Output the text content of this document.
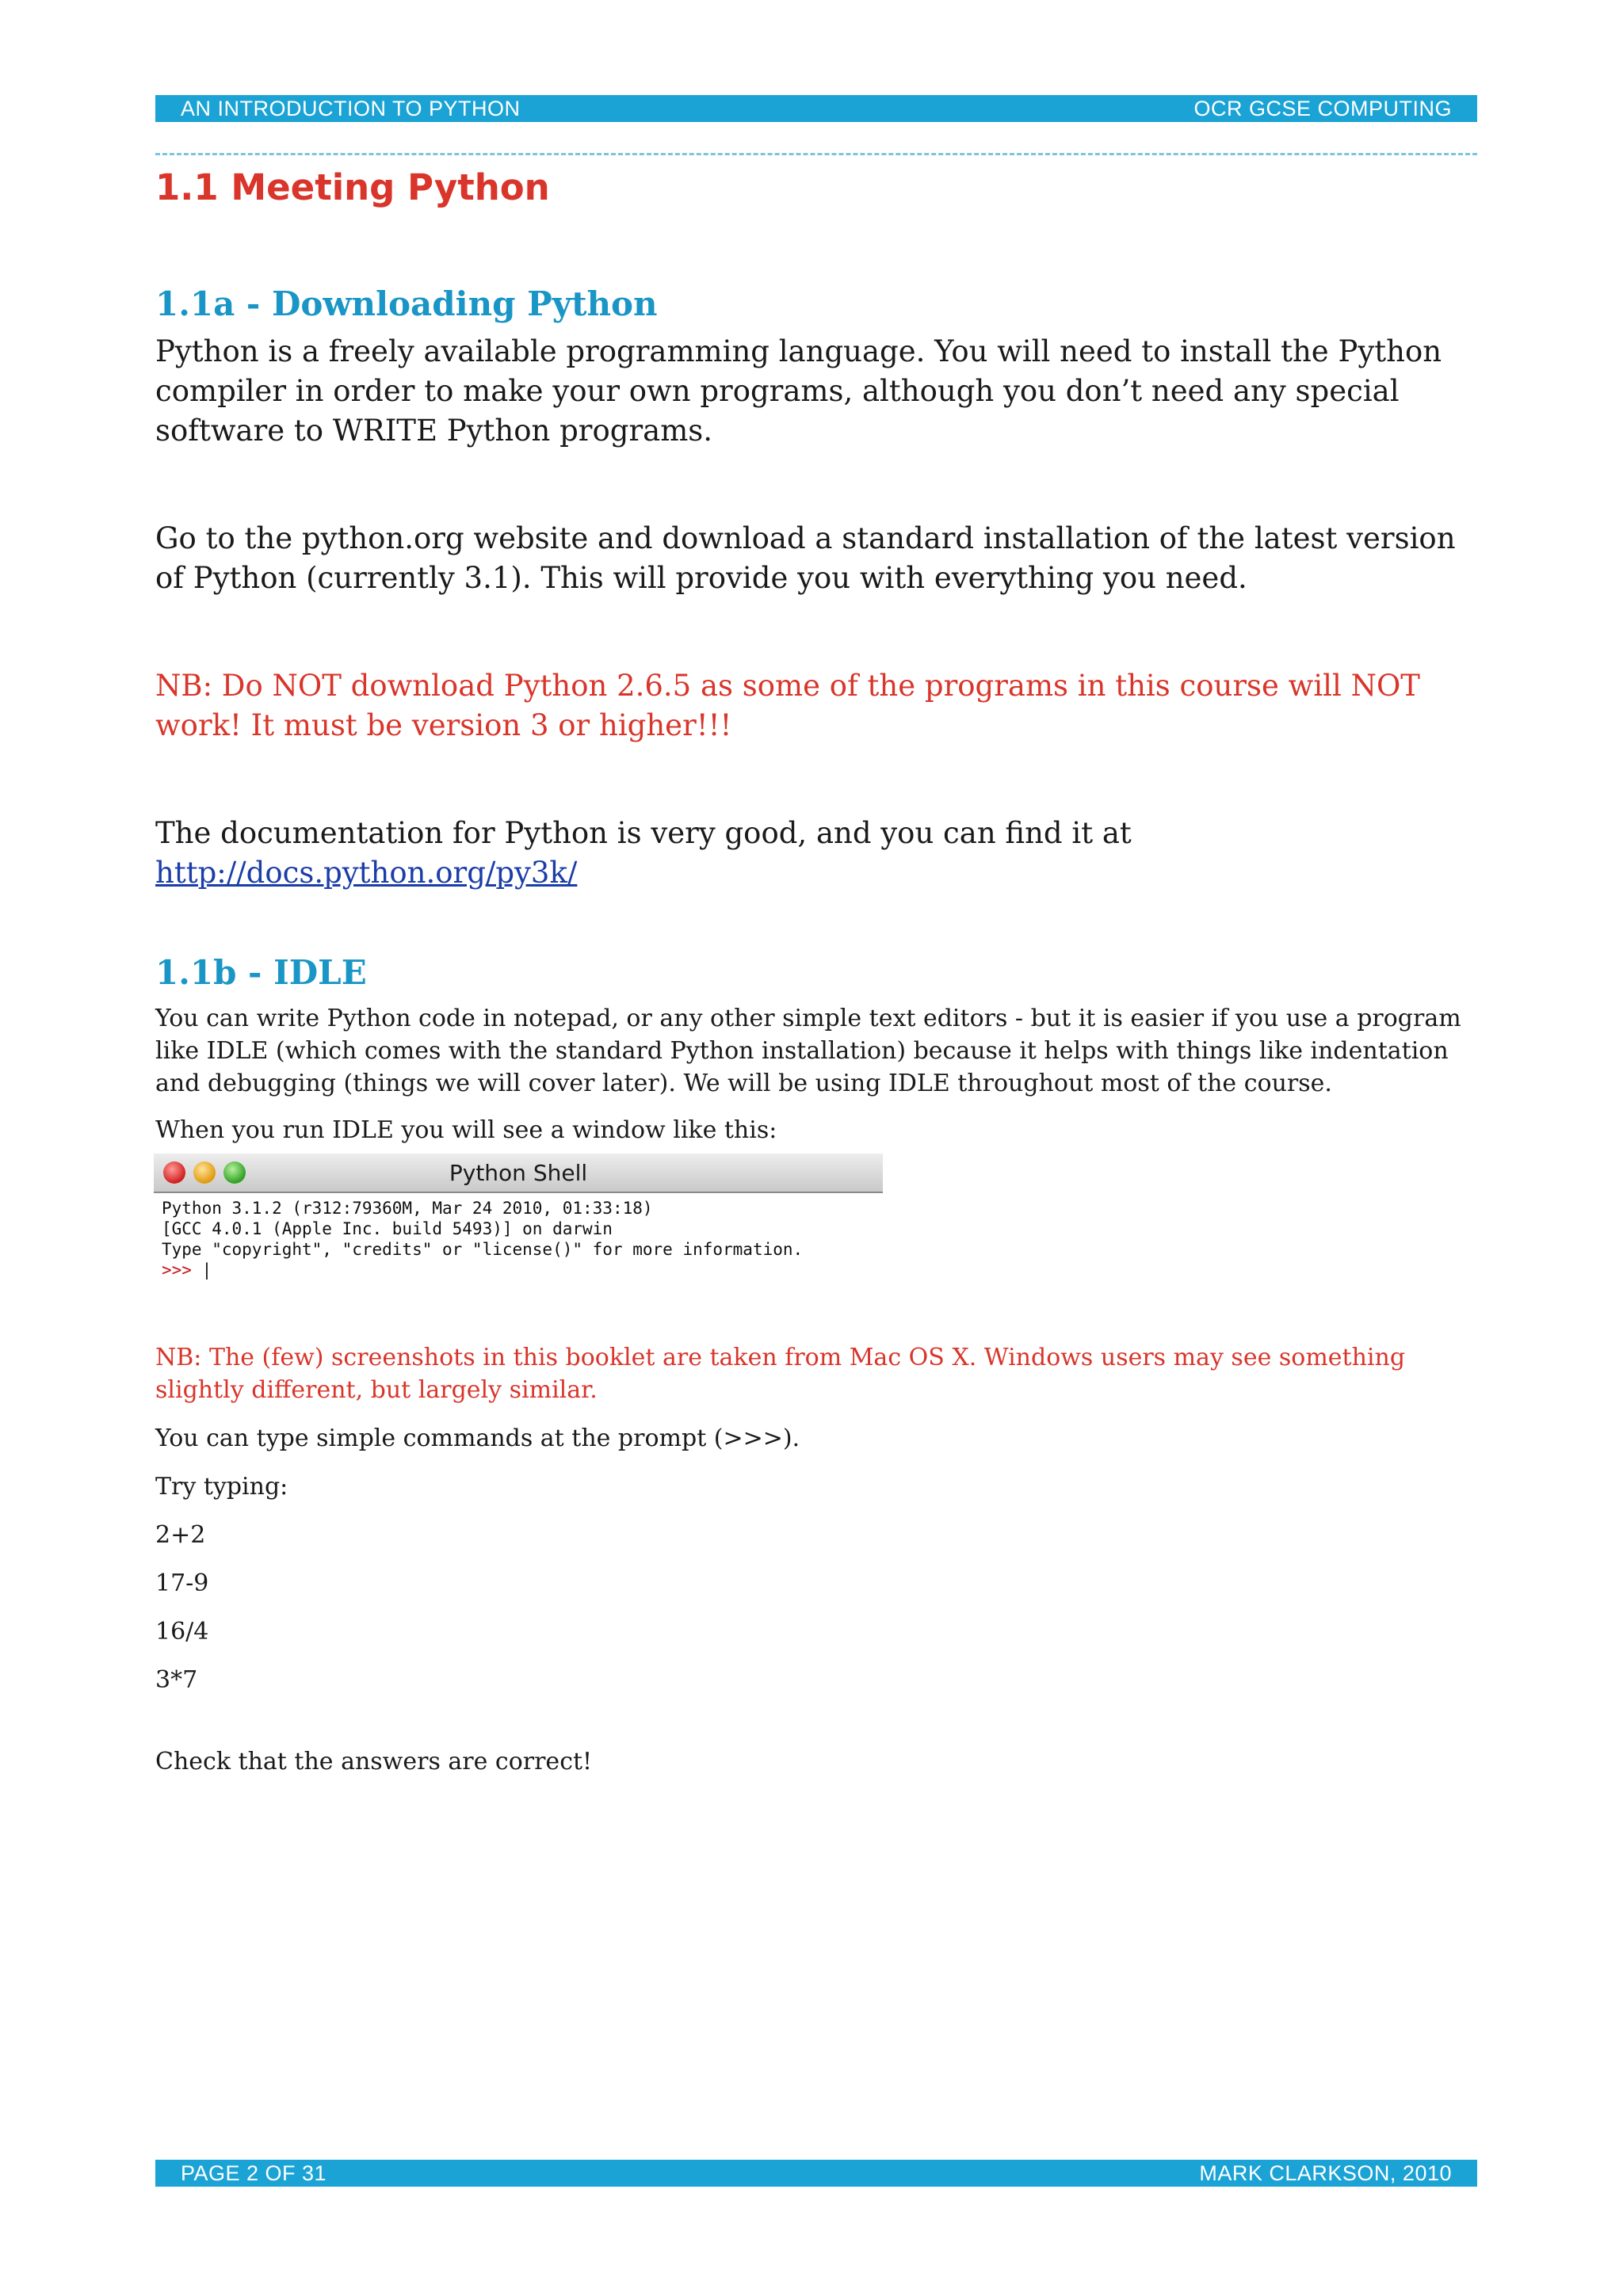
AN INTRODUCTION TO PYTHON	OCR GCSE COMPUTING
1.1 Meeting Python
1.1a - Downloading Python

Python is a freely available programming language. You will need to install the Python compiler in order to make your own programs, although you don’t need any special software to WRITE Python programs.

Go to the python.org website and download a standard installation of the latest version of Python (currently 3.1). This will provide you with everything you need.

NB: Do NOT download Python 2.6.5 as some of the programs in this course will NOT work! It must be version 3 or higher!!!

The documentation for Python is very good, and you can find it at http://docs.python.org/py3k/

1.1b - IDLE

You can write Python code in notepad, or any other simple text editors - but it is easier if you use a program like IDLE (which comes with the standard Python installation) because it helps with things like indentation and debugging (things we will cover later). We will be using IDLE throughout most of the course.

When you run IDLE you will see a window like this:

Python Shell
Python 3.1.2 (r312:79360M, Mar 24 2010, 01:33:18)
[GCC 4.0.1 (Apple Inc. build 5493)] on darwin
Type "copyright", "credits" or "license()" for more information.
>>> |

NB: The (few) screenshots in this booklet are taken from Mac OS X. Windows users may see something slightly different, but largely similar.

You can type simple commands at the prompt (>>>).

Try typing:

2+2

17-9

16/4

3*7

Check that the answers are correct!

PAGE 2 OF 31	MARK CLARKSON, 2010
